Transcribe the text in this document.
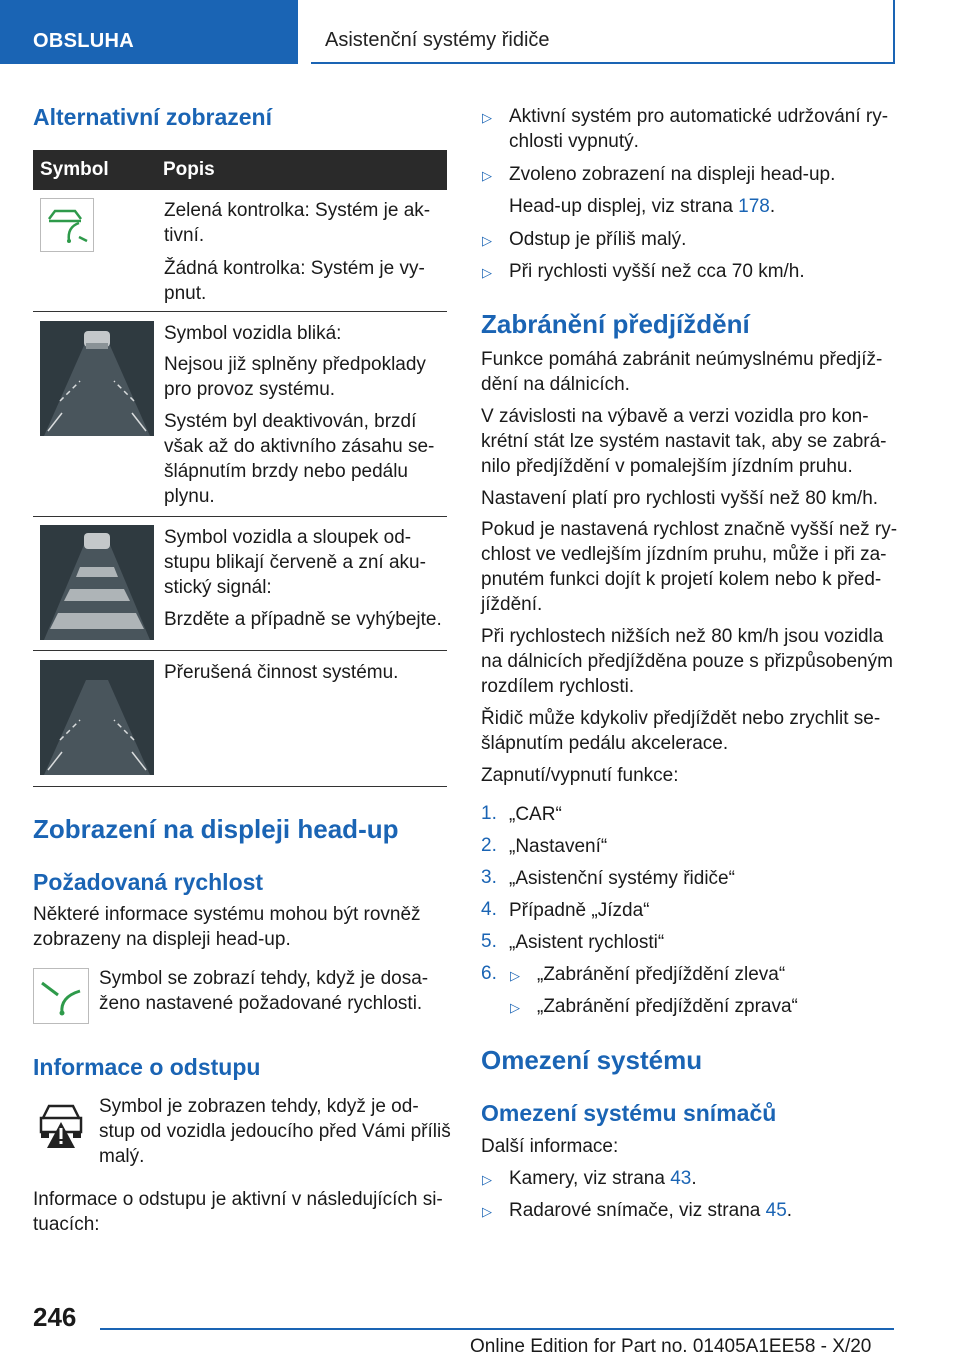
OBSLUHA	Asistenční systémy řidiče
Alternativní zobrazení
Symbol	Popis
Zelená kontrolka: Systém je ak-
tivní.
Žádná kontrolka: Systém je vy-
pnut.
Symbol vozidla bliká:
Nejsou již splněny předpoklady
pro provoz systému.
Systém byl deaktivován, brzdí
však až do aktivního zásahu se-
šlápnutím brzdy nebo pedálu
plynu.
Symbol vozidla a sloupek od-
stupu blikají červeně a zní aku-
stický signál:
Brzděte a případně se vyhýbejte.
Přerušená činnost systému.
Zobrazení na displeji head-up
Požadovaná rychlost
Některé informace systému mohou být rovněž
zobrazeny na displeji head-up.
Symbol se zobrazí tehdy, když je dosa-
ženo nastavené požadované rychlosti.
Informace o odstupu
Symbol je zobrazen tehdy, když je od-
stup od vozidla jedoucího před Vámi příliš
malý.
Informace o odstupu je aktivní v následujících si-
tuacích:
▷ Aktivní systém pro automatické udržování ry-
chlosti vypnutý.
▷ Zvoleno zobrazení na displeji head-up.
Head-up displej, viz strana 178.
▷ Odstup je příliš malý.
▷ Při rychlosti vyšší než cca 70 km/h.
Zabránění předjíždění
Funkce pomáhá zabránit neúmyslnému předjíž-
dění na dálnicích.
V závislosti na výbavě a verzi vozidla pro kon-
krétní stát lze systém nastavit tak, aby se zabrá-
nilo předjíždění v pomalejším jízdním pruhu.
Nastavení platí pro rychlosti vyšší než 80 km/h.
Pokud je nastavená rychlost značně vyšší než ry-
chlost ve vedlejším jízdním pruhu, může i při za-
pnutém funkci dojít k projetí kolem nebo k před-
jíždění.
Při rychlostech nižších než 80 km/h jsou vozidla
na dálnicích předjížděna pouze s přizpůsobeným
rozdílem rychlosti.
Řidič může kdykoliv předjíždět nebo zrychlit se-
šlápnutím pedálu akcelerace.
Zapnutí/vypnutí funkce:
1. „CAR“
2. „Nastavení“
3. „Asistenční systémy řidiče“
4. Případně „Jízda“
5. „Asistent rychlosti“
6. ▷ „Zabránění předjíždění zleva“
▷ „Zabránění předjíždění zprava“
Omezení systému
Omezení systému snímačů
Další informace:
▷ Kamery, viz strana 43.
▷ Radarové snímače, viz strana 45.
246
Online Edition for Part no. 01405A1EE58 - X/20
